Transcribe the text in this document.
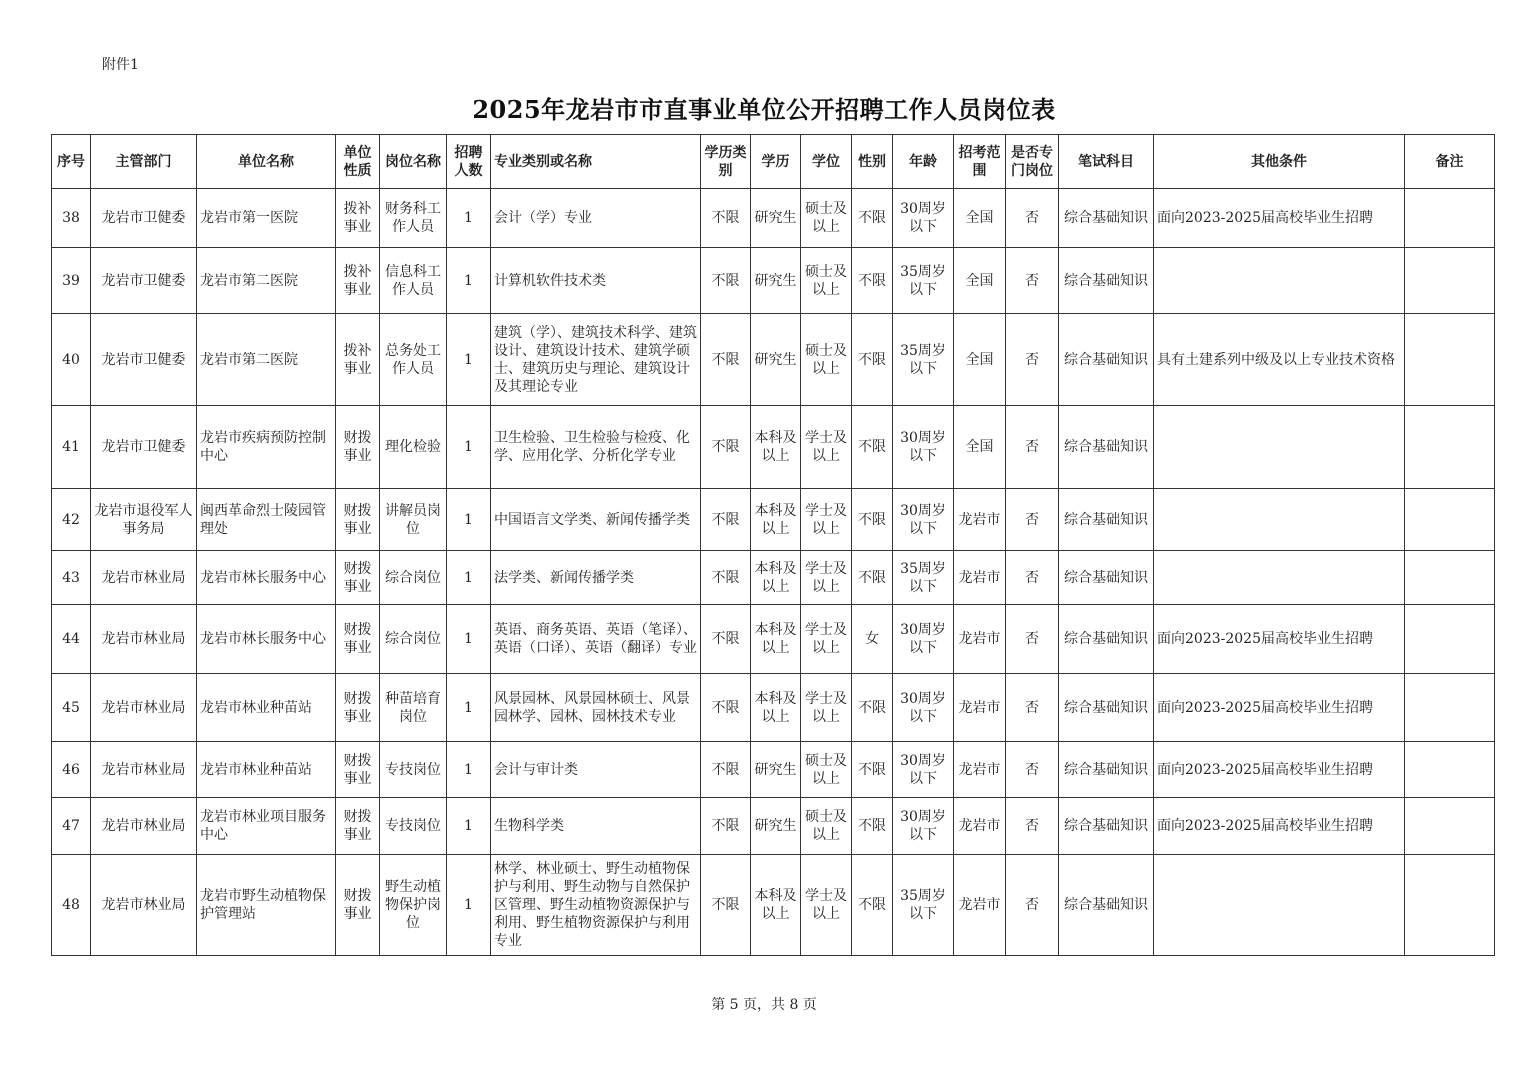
附件1
2025年龙岩市市直事业单位公开招聘工作人员岗位表
序号	主管部门	单位名称	单位性质	岗位名称	招聘人数	专业类别或名称	学历类别	学历	学位	性别	年龄	招考范围	是否专门岗位	笔试科目	其他条件	备注
38	龙岩市卫健委	龙岩市第一医院	拨补事业	财务科工作人员	1	会计（学）专业	不限	研究生	硕士及以上	不限	30周岁以下	全国	否	综合基础知识	面向2023-2025届高校毕业生招聘	
39	龙岩市卫健委	龙岩市第二医院	拨补事业	信息科工作人员	1	计算机软件技术类	不限	研究生	硕士及以上	不限	35周岁以下	全国	否	综合基础知识		
40	龙岩市卫健委	龙岩市第二医院	拨补事业	总务处工作人员	1	建筑（学）、建筑技术科学、建筑设计、建筑设计技术、建筑学硕士、建筑历史与理论、建筑设计及其理论专业	不限	研究生	硕士及以上	不限	35周岁以下	全国	否	综合基础知识	具有土建系列中级及以上专业技术资格	
41	龙岩市卫健委	龙岩市疾病预防控制中心	财拨事业	理化检验	1	卫生检验、卫生检验与检疫、化学、应用化学、分析化学专业	不限	本科及以上	学士及以上	不限	30周岁以下	全国	否	综合基础知识		
42	龙岩市退役军人事务局	闽西革命烈士陵园管理处	财拨事业	讲解员岗位	1	中国语言文学类、新闻传播学类	不限	本科及以上	学士及以上	不限	30周岁以下	龙岩市	否	综合基础知识		
43	龙岩市林业局	龙岩市林长服务中心	财拨事业	综合岗位	1	法学类、新闻传播学类	不限	本科及以上	学士及以上	不限	35周岁以下	龙岩市	否	综合基础知识		
44	龙岩市林业局	龙岩市林长服务中心	财拨事业	综合岗位	1	英语、商务英语、英语（笔译）、英语（口译）、英语（翻译）专业	不限	本科及以上	学士及以上	女	30周岁以下	龙岩市	否	综合基础知识	面向2023-2025届高校毕业生招聘	
45	龙岩市林业局	龙岩市林业种苗站	财拨事业	种苗培育岗位	1	风景园林、风景园林硕士、风景园林学、园林、园林技术专业	不限	本科及以上	学士及以上	不限	30周岁以下	龙岩市	否	综合基础知识	面向2023-2025届高校毕业生招聘	
46	龙岩市林业局	龙岩市林业种苗站	财拨事业	专技岗位	1	会计与审计类	不限	研究生	硕士及以上	不限	30周岁以下	龙岩市	否	综合基础知识	面向2023-2025届高校毕业生招聘	
47	龙岩市林业局	龙岩市林业项目服务中心	财拨事业	专技岗位	1	生物科学类	不限	研究生	硕士及以上	不限	30周岁以下	龙岩市	否	综合基础知识	面向2023-2025届高校毕业生招聘	
48	龙岩市林业局	龙岩市野生动植物保护管理站	财拨事业	野生动植物保护岗位	1	林学、林业硕士、野生动植物保护与利用、野生动物与自然保护区管理、野生动植物资源保护与利用、野生植物资源保护与利用专业	不限	本科及以上	学士及以上	不限	35周岁以下	龙岩市	否	综合基础知识		
第 5 页，共 8 页
